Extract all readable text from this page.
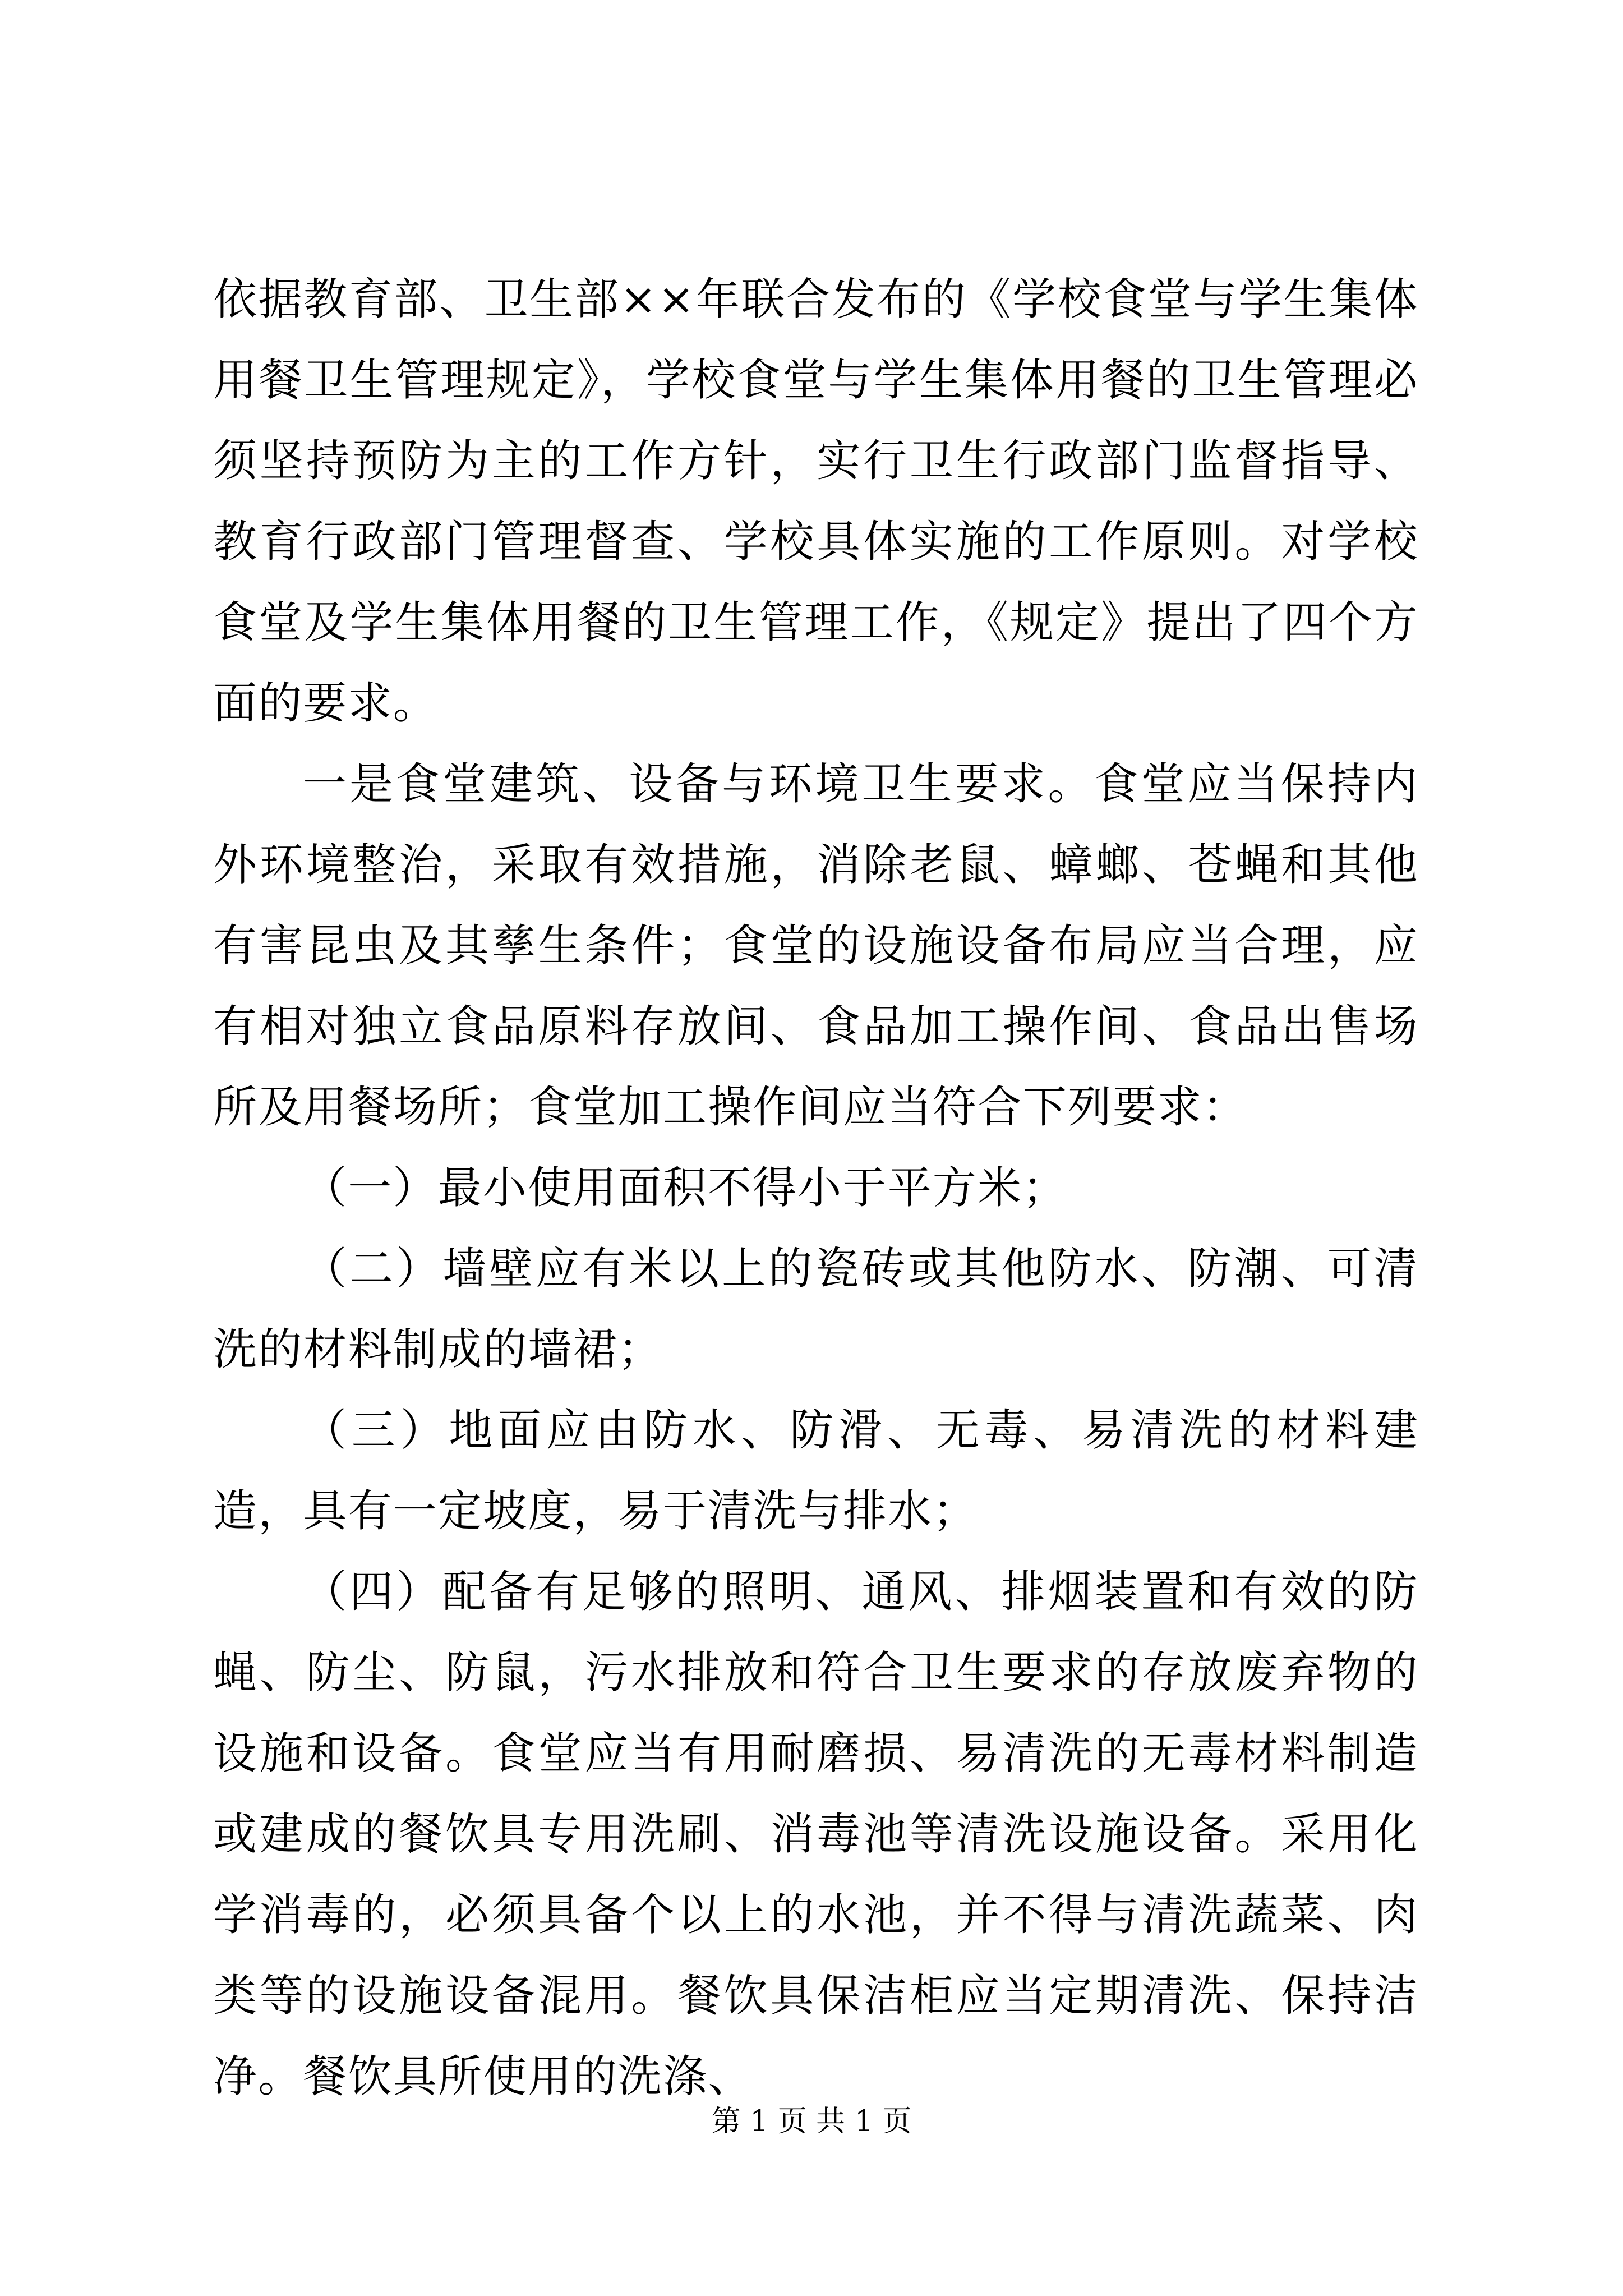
依据教育部、卫生部××年联合发布的《学校食堂与学生集体用餐卫生管理规定》，学校食堂与学生集体用餐的卫生管理必须坚持预防为主的工作方针，实行卫生行政部门监督指导、教育行政部门管理督查、学校具体实施的工作原则。对学校食堂及学生集体用餐的卫生管理工作，《规定》提出了四个方面的要求。

一是食堂建筑、设备与环境卫生要求。食堂应当保持内外环境整治，采取有效措施，消除老鼠、蟑螂、苍蝇和其他有害昆虫及其孳生条件；食堂的设施设备布局应当合理，应有相对独立食品原料存放间、食品加工操作间、食品出售场所及用餐场所；食堂加工操作间应当符合下列要求：

（一）最小使用面积不得小于平方米；

（二）墙壁应有米以上的瓷砖或其他防水、防潮、可清洗的材料制成的墙裙；

（三）地面应由防水、防滑、无毒、易清洗的材料建造，具有一定坡度，易于清洗与排水；

（四）配备有足够的照明、通风、排烟装置和有效的防蝇、防尘、防鼠，污水排放和符合卫生要求的存放废弃物的设施和设备。食堂应当有用耐磨损、易清洗的无毒材料制造或建成的餐饮具专用洗刷、消毒池等清洗设施设备。采用化学消毒的，必须具备个以上的水池，并不得与清洗蔬菜、肉类等的设施设备混用。餐饮具保洁柜应当定期清洗、保持洁净。餐饮具所使用的洗涤、

第 1 页 共 1 页
